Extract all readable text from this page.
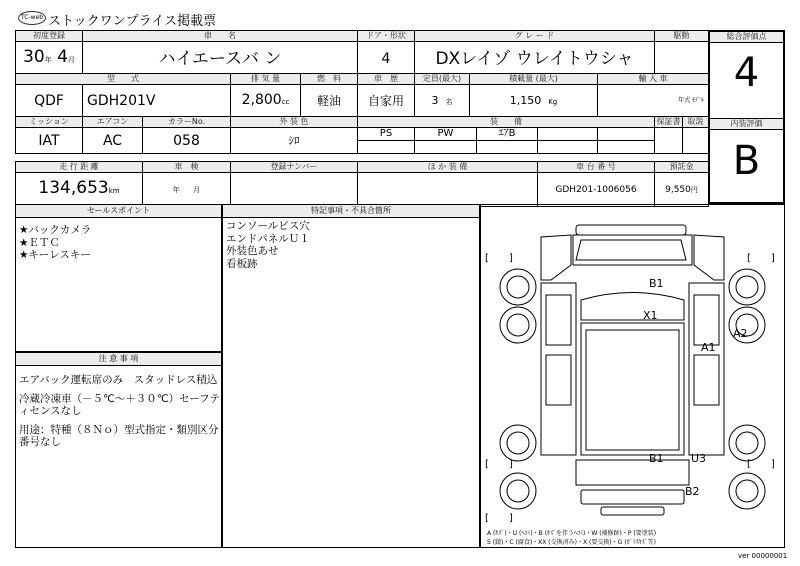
TC-web ストックワンプライス掲載票
初度登録	車　　名	ドア・形状	グ レ ー ド	駆動
30年 4月	ハイエースバ ン	4	DXレイゾ ウレイトウシャ	
型　　式		排 気 量	燃　料	車　歴	定員(最大)	積載量 (最大)	輸 入 車
QDF	GDH201V	2,800cc	軽油	自家用	3 名	1,150 Kg	年式 ﾓﾃﾞﾙ
ミッション	エアコン	カラーNo.	外 装 色	装　　備					保証書	取説
IAT	AC	058	ｼﾛ	PS	PW	ｴｱB				

走 行 距 離	車　検	登録ナンバー	ほ か 装 備	車 台 番 号	預託金
134,653km	年 月			GDH201-1006056	9,550円
総合評価点
4
内装評価
B
セールスポイント
★バックカメラ
★ＥＴＣ
★キーレスキー
注 意 事 項
エアバック運転席のみ　スタッドレス積込
冷蔵冷凍車（－５℃～＋３０℃）セーフティセンスなし
用途：特種（８Ｎｏ）型式指定・類別区分番号なし
特記事項・不具合箇所
コンソールビス穴
エンドパネルＵ１
外装色あせ
看板跡	[ ]	[ ]
[ ]	[ ]
[ ]
B1
X1
A1
A2
B1 U3
B2
A (ｷｽﾞ)・U (ﾍｺﾐ)・B (ｷｽﾞを伴うﾍｺﾐ)・W (補修跡)・P (要塗装)
S (錆)・C (腐食)・XX (交換済み)・X (要交換)・G (ｶﾞﾗｽｷｽﾞ等)
ver 00000001
